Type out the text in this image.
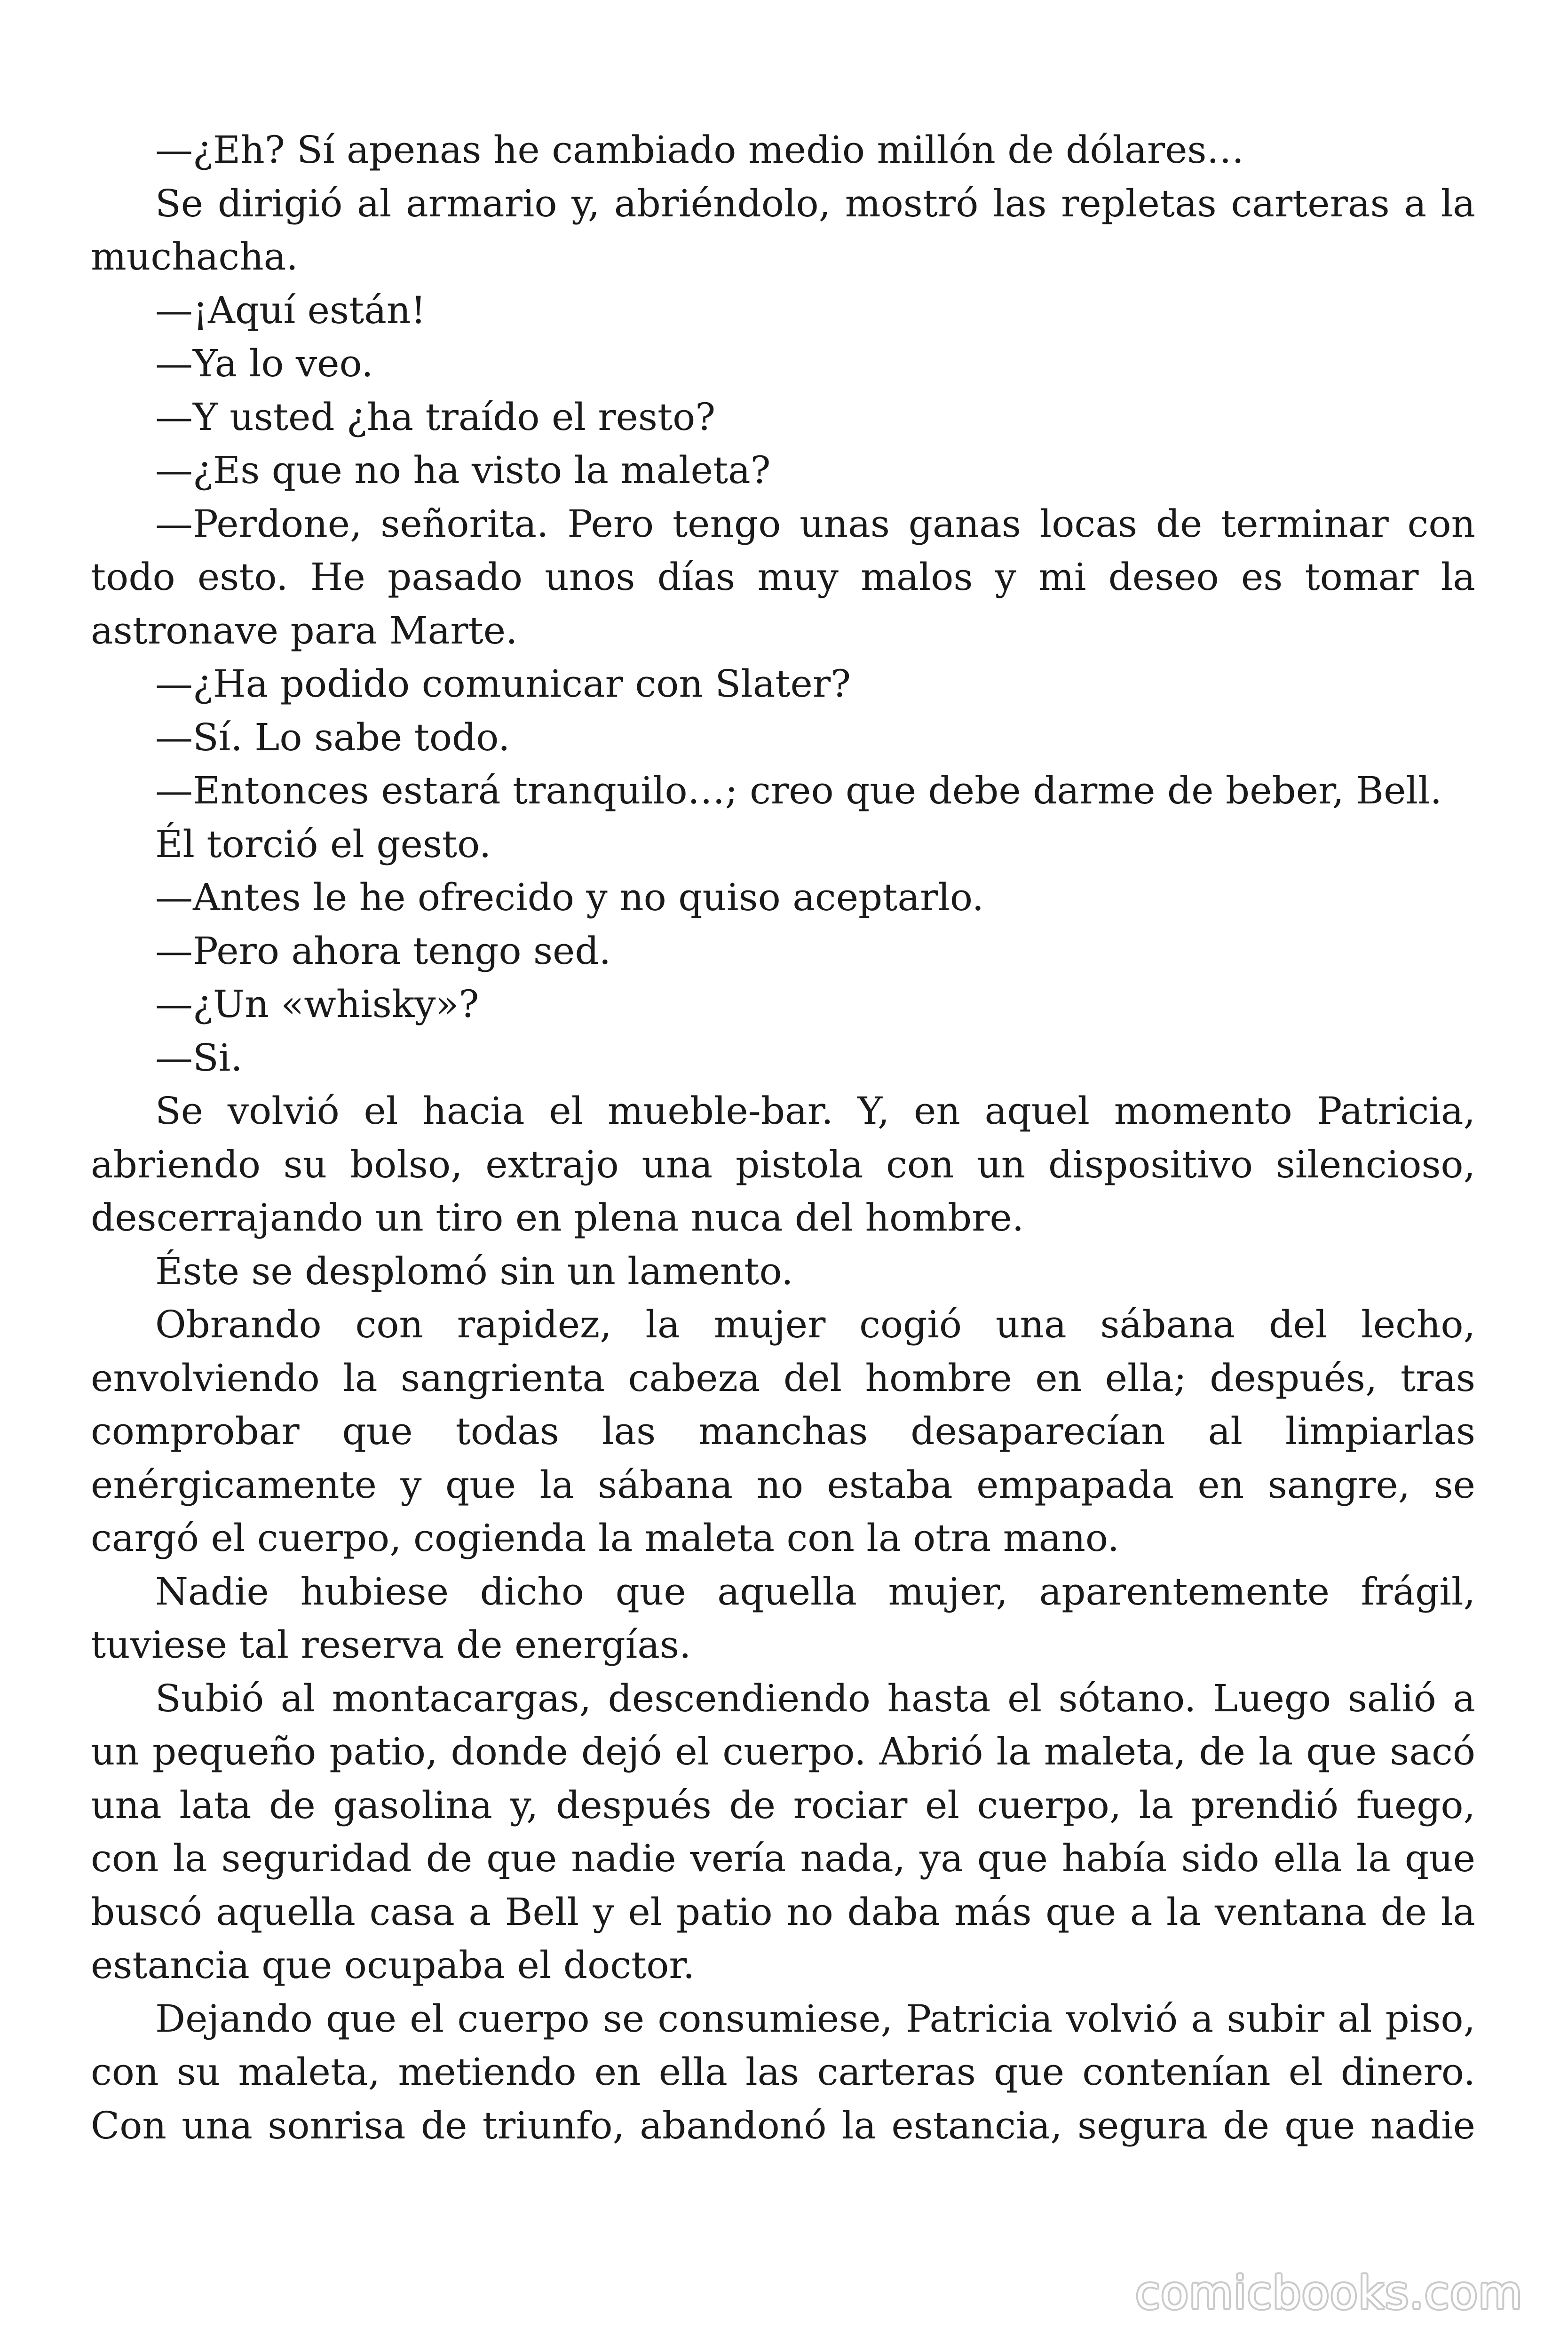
—¿Eh? Sí apenas he cambiado medio millón de dólares…

Se dirigió al armario y, abriéndolo, mostró las repletas carteras a la muchacha.

—¡Aquí están!

—Ya lo veo.

—Y usted ¿ha traído el resto?

—¿Es que no ha visto la maleta?

—Perdone, señorita. Pero tengo unas ganas locas de terminar con todo esto. He pasado unos días muy malos y mi deseo es tomar la astronave para Marte.

—¿Ha podido comunicar con Slater?

—Sí. Lo sabe todo.

—Entonces estará tranquilo…; creo que debe darme de beber, Bell.

Él torció el gesto.

—Antes le he ofrecido y no quiso aceptarlo.

—Pero ahora tengo sed.

—¿Un «whisky»?

—Si.

Se volvió el hacia el mueble-bar. Y, en aquel momento Patricia, abriendo su bolso, extrajo una pistola con un dispositivo silencioso, descerrajando un tiro en plena nuca del hombre.

Éste se desplomó sin un lamento.

Obrando con rapidez, la mujer cogió una sábana del lecho, envolviendo la sangrienta cabeza del hombre en ella; después, tras comprobar que todas las manchas desaparecían al limpiarlas enérgicamente y que la sábana no estaba empapada en sangre, se cargó el cuerpo, cogienda la maleta con la otra mano.

Nadie hubiese dicho que aquella mujer, aparentemente frágil, tuviese tal reserva de energías.

Subió al montacargas, descendiendo hasta el sótano. Luego salió a un pequeño patio, donde dejó el cuerpo. Abrió la maleta, de la que sacó una lata de gasolina y, después de rociar el cuerpo, la prendió fuego, con la seguridad de que nadie vería nada, ya que había sido ella la que buscó aquella casa a Bell y el patio no daba más que a la ventana de la estancia que ocupaba el doctor.

Dejando que el cuerpo se consumiese, Patricia volvió a subir al piso, con su maleta, metiendo en ella las carteras que contenían el dinero. Con una sonrisa de triunfo, abandonó la estancia, segura de que nadie

comicbooks.com
